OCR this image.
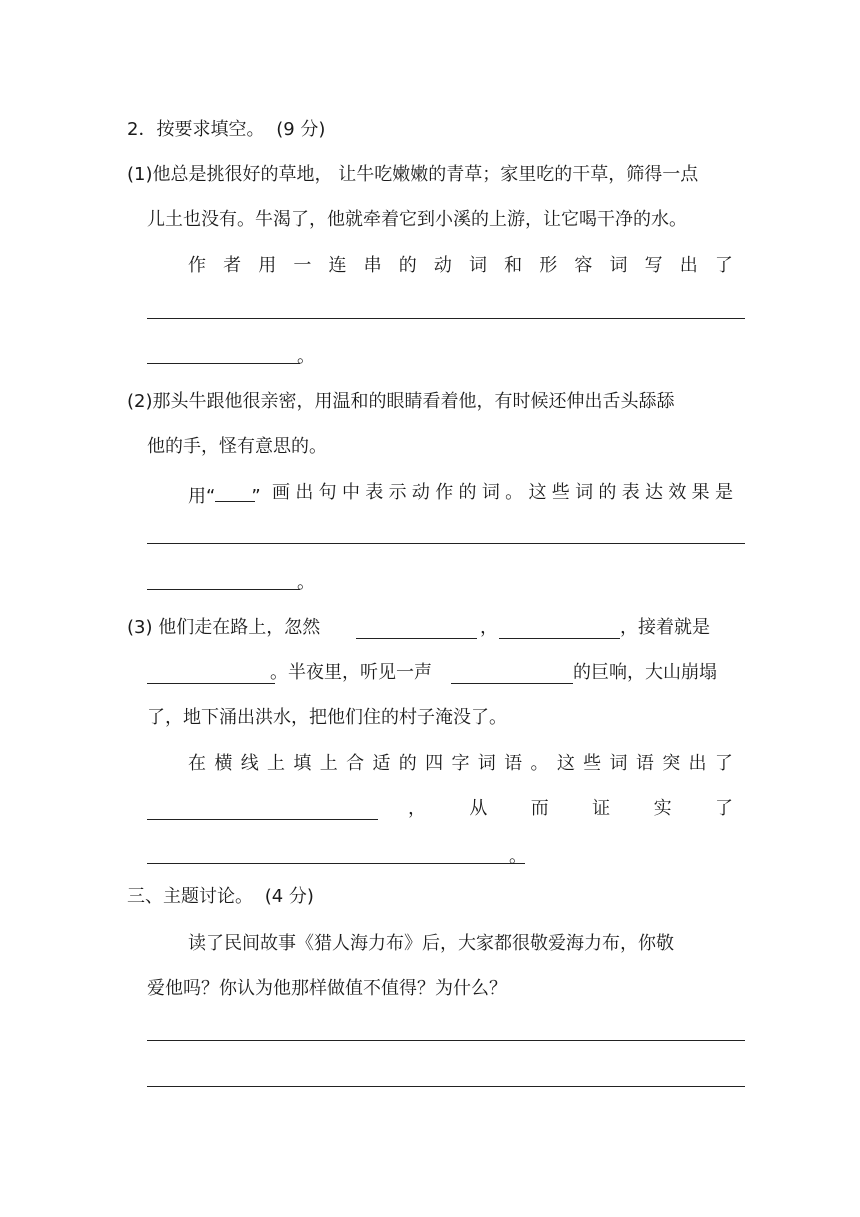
2．按要求填空。 (9 分)
(1)他总是挑很好的草地， 让牛吃嫩嫩的青草；家里吃的干草，筛得一点
儿土也没有。牛渴了，他就牵着它到小溪的上游，让它喝干净的水。
作 者 用 一 连 串 的 动 词 和 形 容 词 写 出 了
。
(2)那头牛跟他很亲密，用温和的眼睛看着他，有时候还伸出舌头舔舔
他的手，怪有意思的。
用“ ” 画 出 句 中 表 示 动 作 的 词 。 这 些 词 的 表 达 效 果 是
。
(3) 他们走在路上，忽然	，	，接着就是
。半夜里，听见一声	的巨响，大山崩塌
了，地下涌出洪水，把他们住的村子淹没了。
在 横 线 上 填 上 合 适 的 四 字 词 语 。 这 些 词 语 突 出 了
， 从 而 证 实 了
。
三、主题讨论。 (4 分)
读了民间故事《猎人海力布》后，大家都很敬爱海力布，你敬
爱他吗？你认为他那样做值不值得？为什么？
